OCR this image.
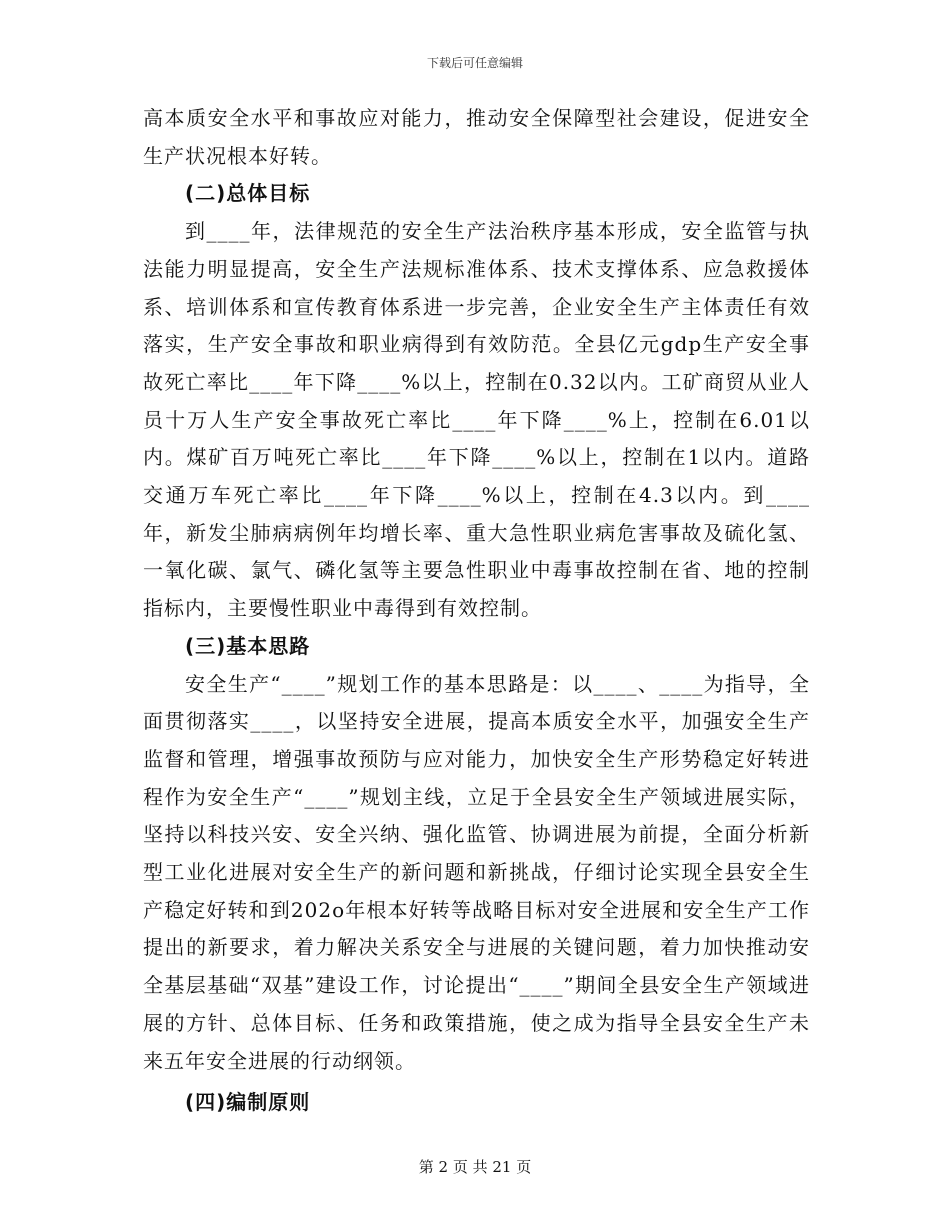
下载后可任意编辑

高本质安全水平和事故应对能力，推动安全保障型社会建设，促进安全生产状况根本好转。

(二)总体目标

到____年，法律规范的安全生产法治秩序基本形成，安全监管与执法能力明显提高，安全生产法规标准体系、技术支撑体系、应急救援体系、培训体系和宣传教育体系进一步完善，企业安全生产主体责任有效落实，生产安全事故和职业病得到有效防范。全县亿元gdp生产安全事故死亡率比____年下降____%以上，控制在0.32以内。工矿商贸从业人员十万人生产安全事故死亡率比____年下降____%上，控制在6.01以内。煤矿百万吨死亡率比____年下降____%以上，控制在1以内。道路交通万车死亡率比____年下降____%以上，控制在4.3以内。到____年，新发尘肺病病例年均增长率、重大急性职业病危害事故及硫化氢、一氧化碳、氯气、磷化氢等主要急性职业中毒事故控制在省、地的控制指标内，主要慢性职业中毒得到有效控制。

(三)基本思路

安全生产“____”规划工作的基本思路是：以____、____为指导，全面贯彻落实____，以坚持安全进展，提高本质安全水平，加强安全生产监督和管理，增强事故预防与应对能力，加快安全生产形势稳定好转进程作为安全生产“____”规划主线，立足于全县安全生产领域进展实际，坚持以科技兴安、安全兴纳、强化监管、协调进展为前提，全面分析新型工业化进展对安全生产的新问题和新挑战，仔细讨论实现全县安全生产稳定好转和到202o年根本好转等战略目标对安全进展和安全生产工作提出的新要求，着力解决关系安全与进展的关键问题，着力加快推动安全基层基础“双基”建设工作，讨论提出“____”期间全县安全生产领域进展的方针、总体目标、任务和政策措施，使之成为指导全县安全生产未来五年安全进展的行动纲领。

(四)编制原则
第 2 页 共 21 页
